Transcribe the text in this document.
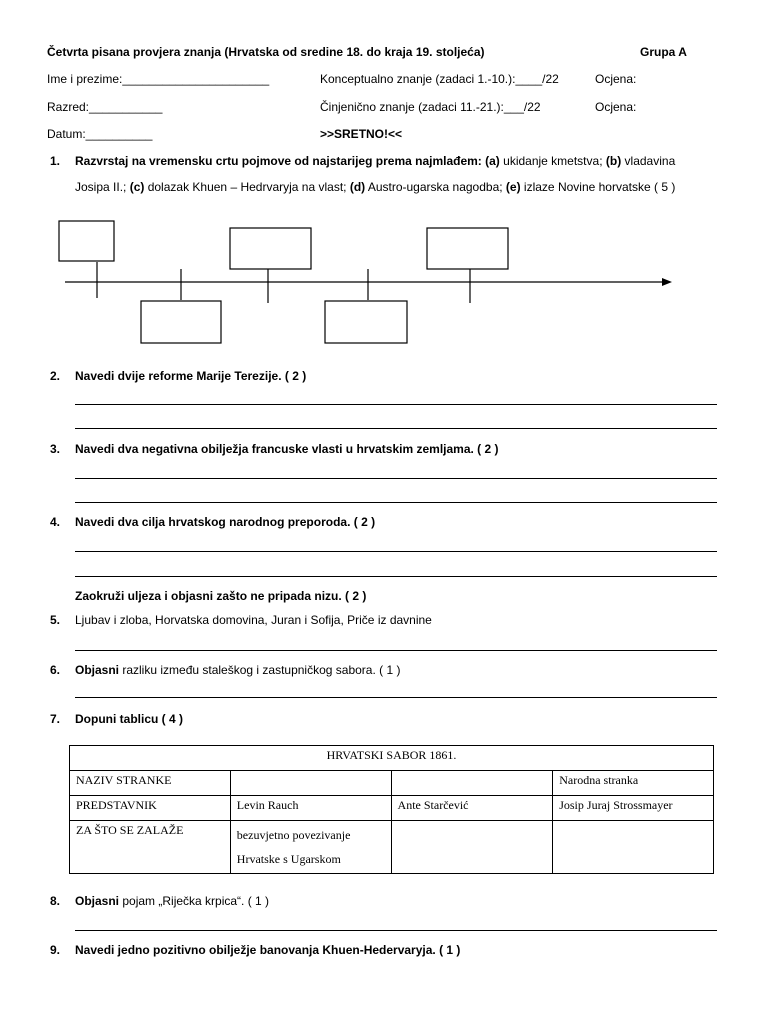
Četvrta pisana provjera znanja (Hrvatska od sredine 18. do kraja 19. stoljeća)	Grupa A
Ime i prezime:______________________	Konceptualno znanje (zadaci 1.-10.):____/22	Ocjena:
Razred:___________	Činjenično znanje (zadaci 11.-21.):___/22	Ocjena:
Datum:__________	>>SRETNO!<<
1. Razvrstaj na vremensku crtu pojmove od najstarijeg prema najmlađem: (a) ukidanje kmetstva; (b) vladavina
Josipa II.; (c) dolazak Khuen – Hedrvaryja na vlast; (d) Austro-ugarska nagodba; (e) izlaze Novine horvatske ( 5 )
2. Navedi dvije reforme Marije Terezije. ( 2 )
3. Navedi dva negativna obilježja francuske vlasti u hrvatskim zemljama. ( 2 )
4. Navedi dva cilja hrvatskog narodnog preporoda. ( 2 )
Zaokruži uljeza i objasni zašto ne pripada nizu. ( 2 )
5. Ljubav i zloba, Horvatska domovina, Juran i Sofija, Priče iz davnine
6. Objasni razliku između staleškog i zastupničkog sabora. ( 1 )
7. Dopuni tablicu ( 4 )
HRVATSKI SABOR 1861.			
NAZIV STRANKE			Narodna stranka
PREDSTAVNIK	Levin Rauch	Ante Starčević	Josip Juraj Strossmayer
ZA ŠTO SE ZALAŽE	bezuvjetno povezivanje
Hrvatske s Ugarskom		
8. Objasni pojam „Riječka krpica“. ( 1 )
9. Navedi jedno pozitivno obilježje banovanja Khuen-Hedervaryja. ( 1 )
